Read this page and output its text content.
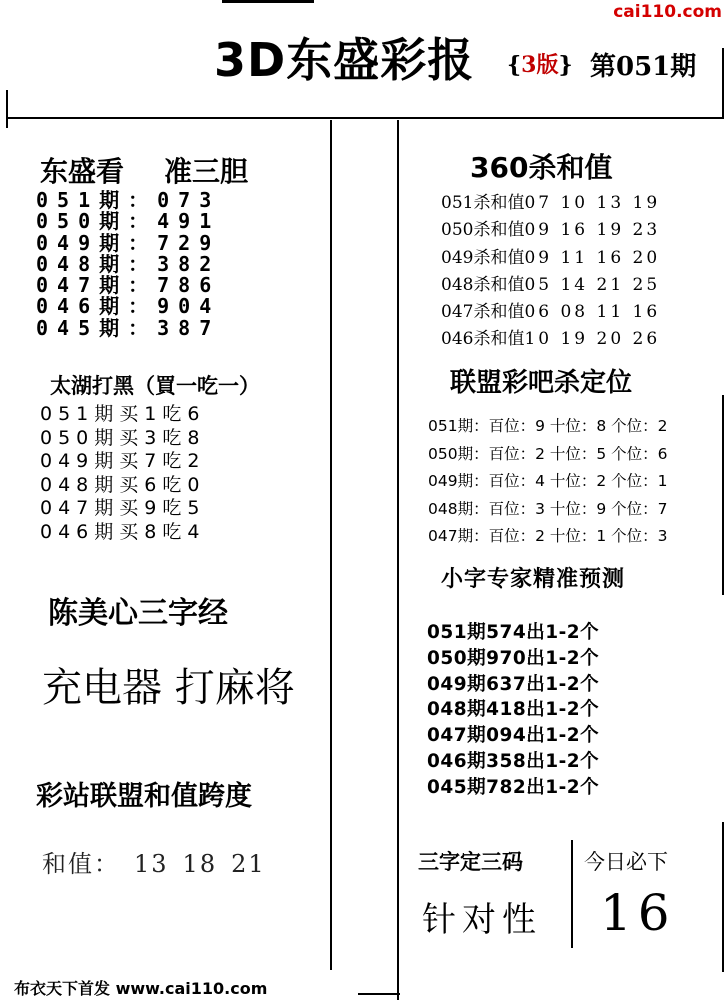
cai110.com
3D东盛彩报 {3版} 第051期
东盛看 准三胆
051期：073
050期：491
049期：729
048期：382
047期：786
046期：904
045期：387
太湖打黑（買一吃一）
051期买1吃6
050期买3吃8
049期买7吃2
048期买6吃0
047期买9吃5
046期买8吃4
陈美心三字经
充电器 打麻将
彩站联盟和值跨度
和值： 13 18 21
布衣天下首发 www.cai110.com
360杀和值
051杀和值07 10 13 19
050杀和值09 16 19 23
049杀和值09 11 16 20
048杀和值05 14 21 25
047杀和值06 08 11 16
046杀和值10 19 20 26
联盟彩吧杀定位
051期：百位：9 十位：8 个位：2
050期：百位：2 十位：5 个位：6
049期：百位：4 十位：2 个位：1
048期：百位：3 十位：9 个位：7
047期：百位：2 十位：1 个位：3
小字专家精准预测
051期574出1-2个
050期970出1-2个
049期637出1-2个
048期418出1-2个
047期094出1-2个
046期358出1-2个
045期782出1-2个
三字定三码
针对性
今日必下
16
